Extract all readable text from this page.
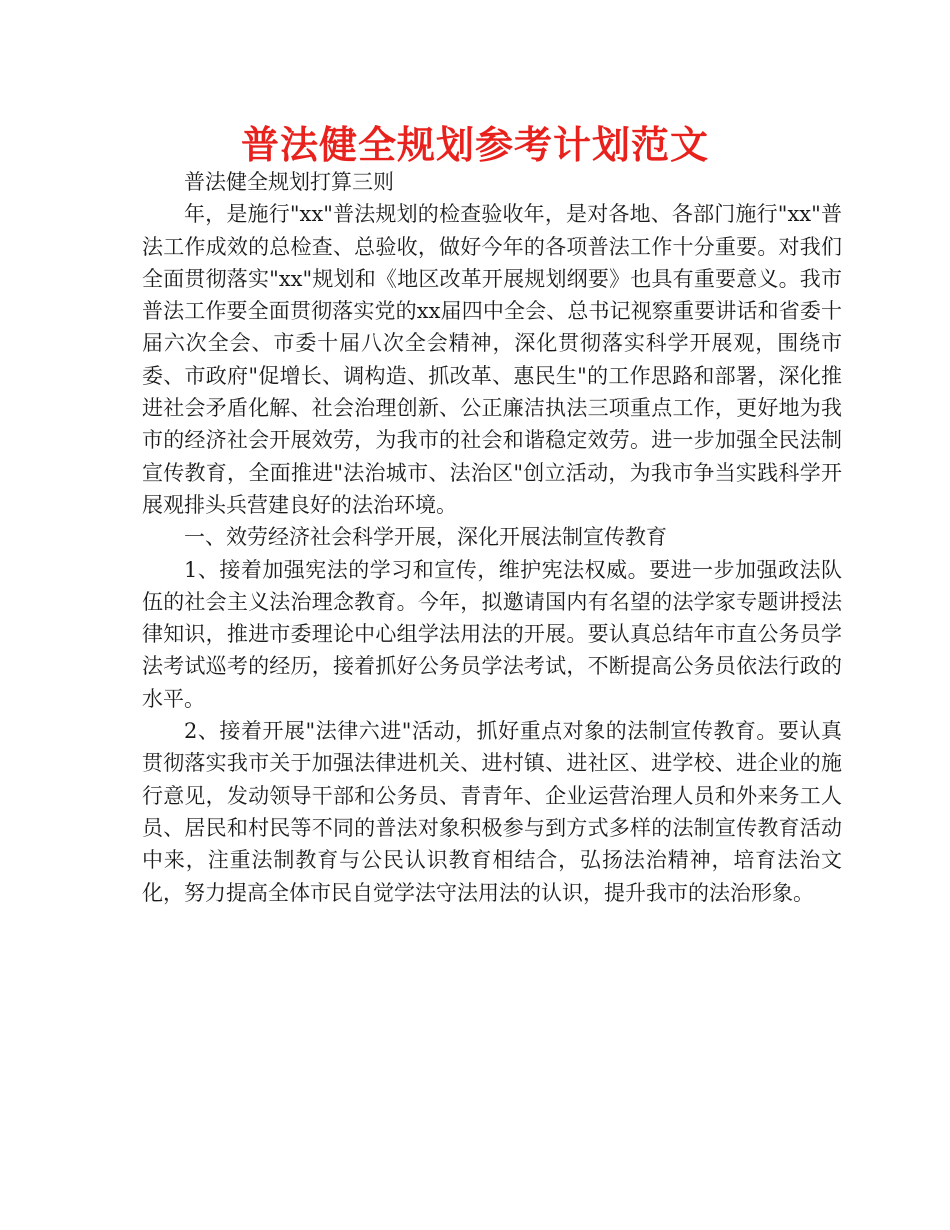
普法健全规划参考计划范文

普法健全规划打算三则

年，是施行"xx"普法规划的检查验收年，是对各地、各部门施行"xx"普法工作成效的总检查、总验收，做好今年的各项普法工作十分重要。对我们全面贯彻落实"xx"规划和《地区改革开展规划纲要》也具有重要意义。我市普法工作要全面贯彻落实党的xx届四中全会、总书记视察重要讲话和省委十届六次全会、市委十届八次全会精神，深化贯彻落实科学开展观，围绕市委、市政府"促增长、调构造、抓改革、惠民生"的工作思路和部署，深化推进社会矛盾化解、社会治理创新、公正廉洁执法三项重点工作，更好地为我市的经济社会开展效劳，为我市的社会和谐稳定效劳。进一步加强全民法制宣传教育，全面推进"法治城市、法治区"创立活动，为我市争当实践科学开展观排头兵营建良好的法治环境。

一、效劳经济社会科学开展，深化开展法制宣传教育

1、接着加强宪法的学习和宣传，维护宪法权威。要进一步加强政法队伍的社会主义法治理念教育。今年，拟邀请国内有名望的法学家专题讲授法律知识，推进市委理论中心组学法用法的开展。要认真总结年市直公务员学法考试巡考的经历，接着抓好公务员学法考试，不断提高公务员依法行政的水平。

2、接着开展"法律六进"活动，抓好重点对象的法制宣传教育。要认真贯彻落实我市关于加强法律进机关、进村镇、进社区、进学校、进企业的施行意见，发动领导干部和公务员、青青年、企业运营治理人员和外来务工人员、居民和村民等不同的普法对象积极参与到方式多样的法制宣传教育活动中来，注重法制教育与公民认识教育相结合，弘扬法治精神，培育法治文化，努力提高全体市民自觉学法守法用法的认识，提升我市的法治形象。
